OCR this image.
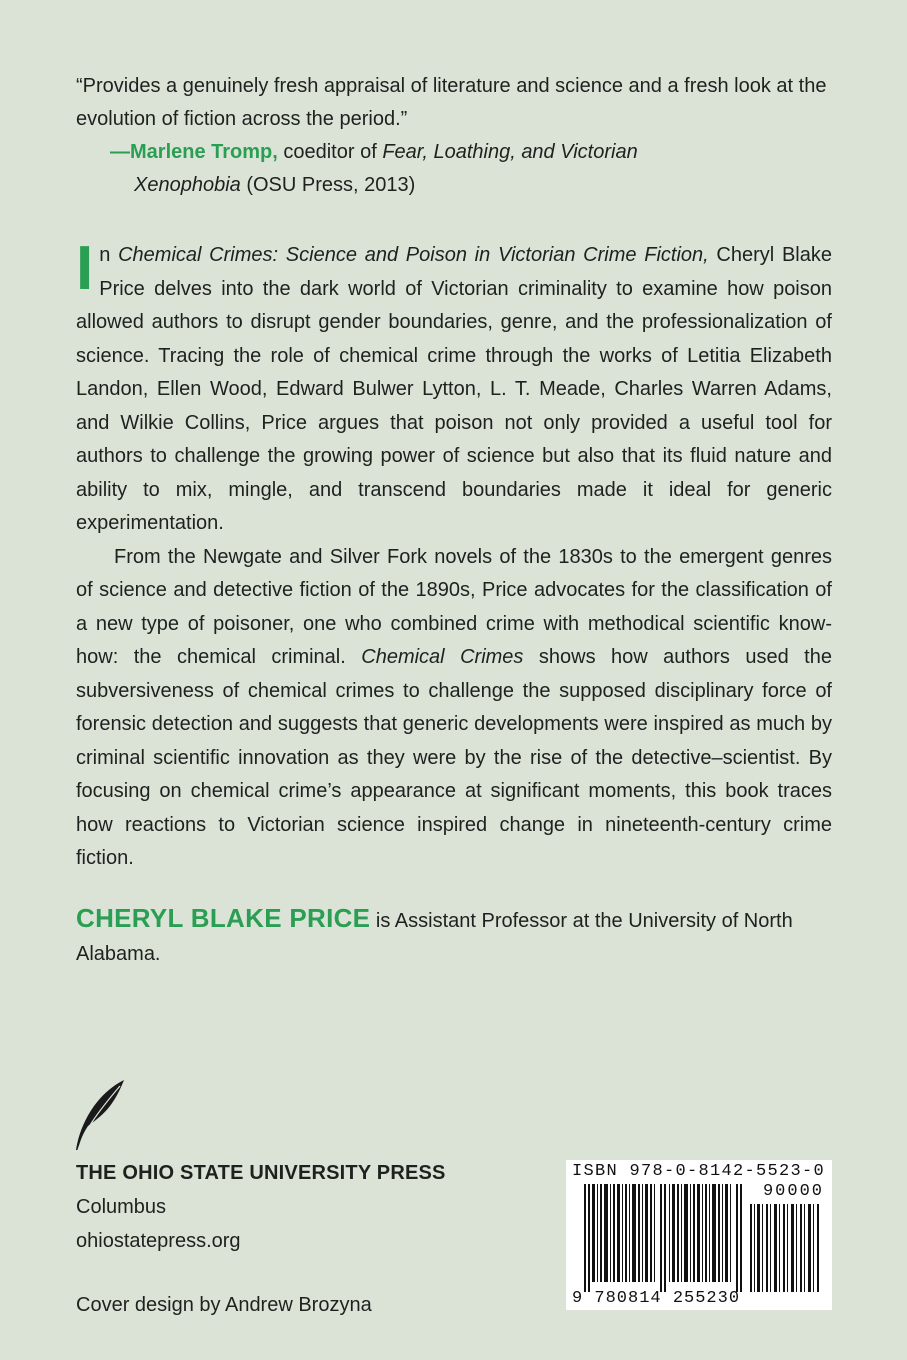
“Provides a genuinely fresh appraisal of literature and science and a fresh look at the evolution of fiction across the period.”

—Marlene Tromp, coeditor of Fear, Loathing, and Victorian
Xenophobia (OSU Press, 2013)

In Chemical Crimes: Science and Poison in Victorian Crime Fiction, Cheryl Blake Price delves into the dark world of Victorian criminality to examine how poison allowed authors to disrupt gender boundaries, genre, and the professionalization of science. Tracing the role of chemical crime through the works of Letitia Elizabeth Landon, Ellen Wood, Edward Bulwer Lytton, L. T. Meade, Charles Warren Adams, and Wilkie Collins, Price argues that poison not only provided a useful tool for authors to challenge the growing power of science but also that its fluid nature and ability to mix, mingle, and transcend boundaries made it ideal for generic experimentation.

From the Newgate and Silver Fork novels of the 1830s to the emergent genres of science and detective fiction of the 1890s, Price advocates for the classification of a new type of poisoner, one who combined crime with methodical scientific know-how: the chemical criminal. Chemical Crimes shows how authors used the subversiveness of chemical crimes to challenge the supposed disciplinary force of forensic detection and suggests that generic developments were inspired as much by criminal scientific innovation as they were by the rise of the detective–scientist. By focusing on chemical crime’s appearance at significant moments, this book traces how reactions to Victorian science inspired change in nineteenth-century crime fiction.

CHERYL BLAKE PRICE is Assistant Professor at the University of North Alabama.
THE OHIO STATE UNIVERSITY PRESS
Columbus
ohiostatepress.org
Cover design by Andrew Brozyna
ISBN 978-0-8142-5523-0
90000
9 780814 255230
